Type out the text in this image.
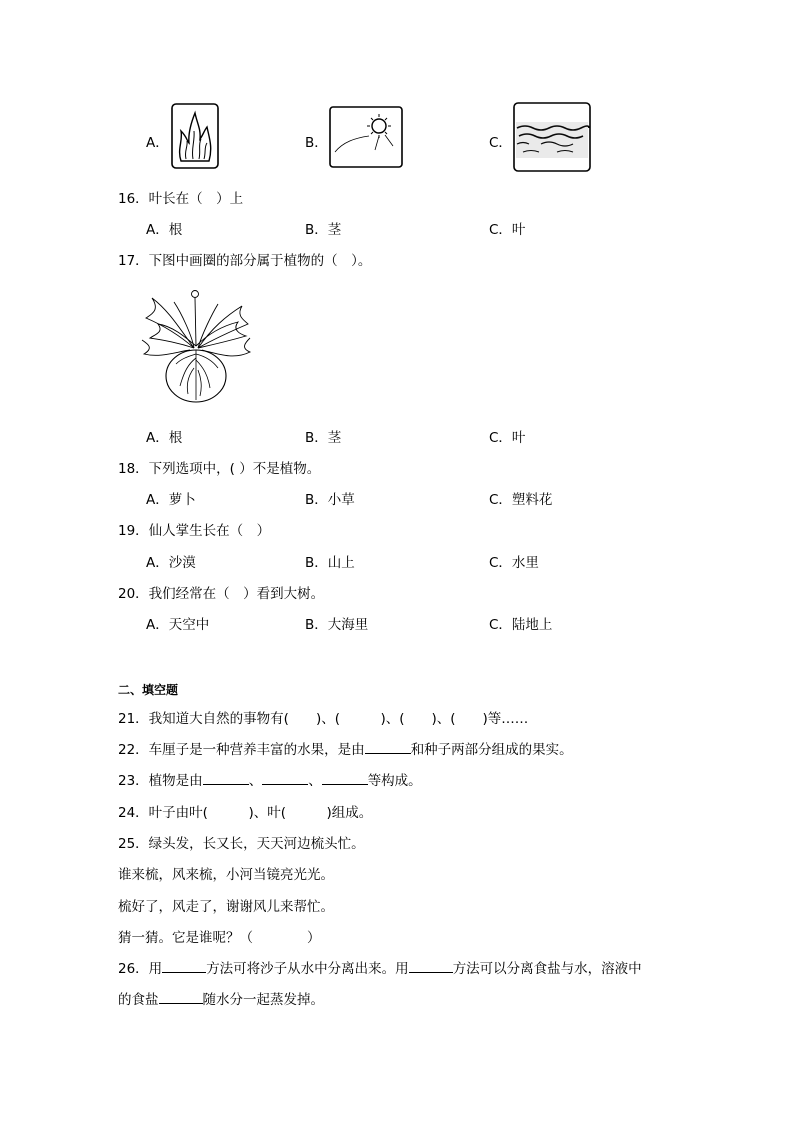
A．	B．	C．
16．叶长在（　）上
A．根	B．茎	C．叶
17．下图中画圈的部分属于植物的（　）。
A．根	B．茎	C．叶
18．下列选项中，( ）不是植物。
A．萝卜	B．小草	C．塑料花
19．仙人掌生长在（　）
A．沙漠	B．山上	C．水里
20．我们经常在（　）看到大树。
A．天空中	B．大海里	C．陆地上
二、填空题
21．我知道大自然的事物有(　　)、(　　　)、(　　)、(　　)等……
22．车厘子是一种营养丰富的水果，是由	和种子两部分组成的果实。
23．植物是由	、	、	等构成。
24．叶子由叶(　　　)、叶(　　　)组成。
25．绿头发，长又长，天天河边梳头忙。
谁来梳，风来梳，小河当镜亮光光。
梳好了，风走了，谢谢风儿来帮忙。
猜一猜。它是谁呢？（　　　　）
26．用	方法可将沙子从水中分离出来。用	方法可以分离食盐与水，溶液中
的食盐	随水分一起蒸发掉。
